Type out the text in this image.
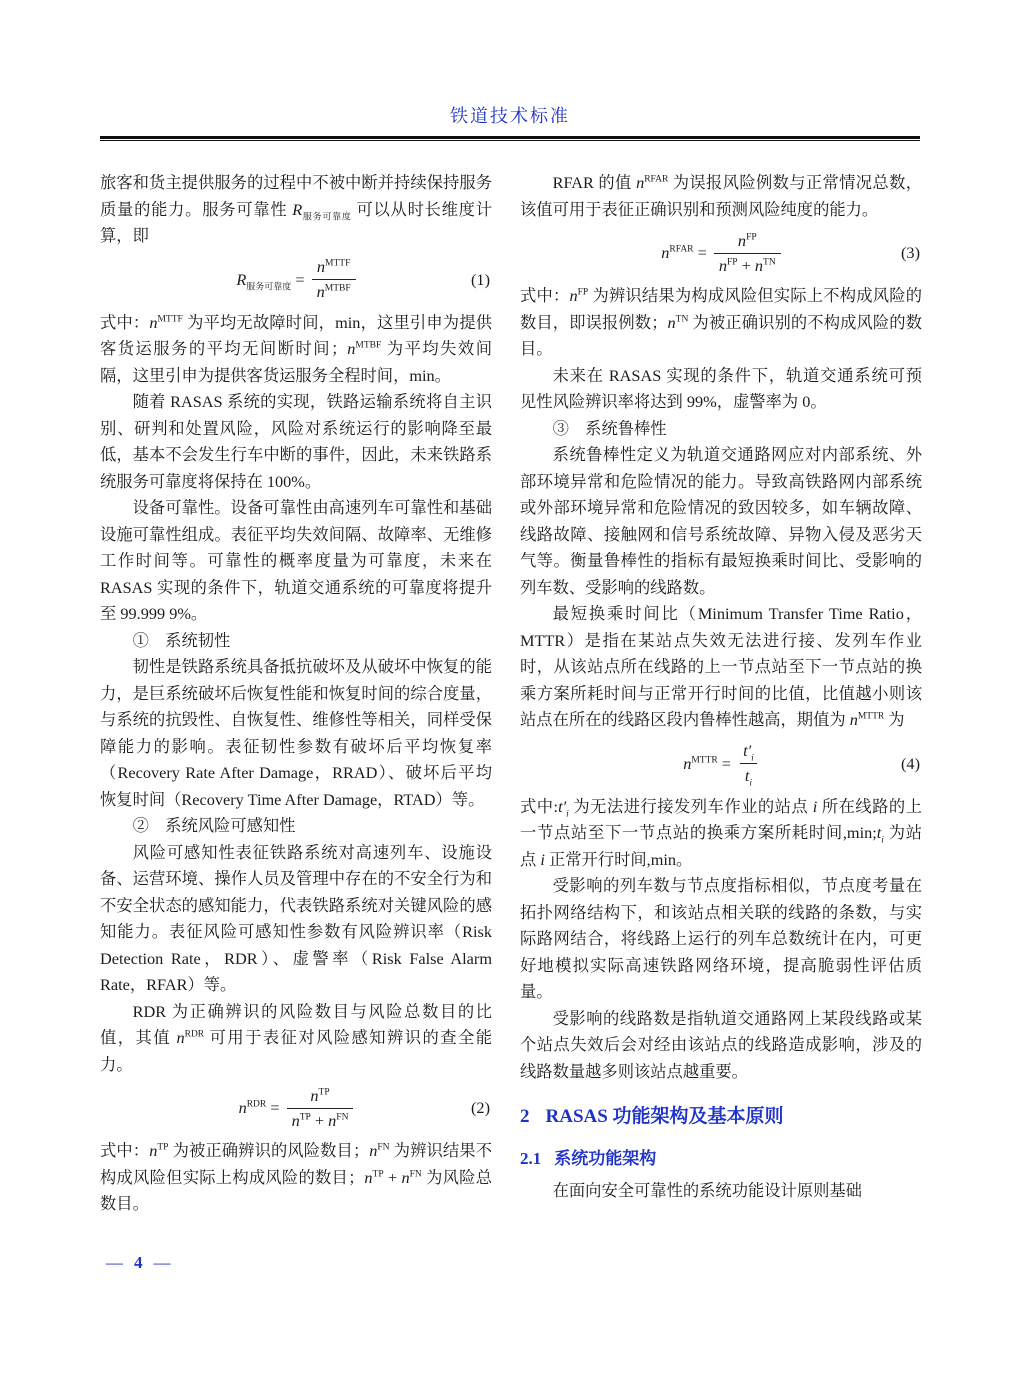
铁道技术标准
旅客和货主提供服务的过程中不被中断并持续保持服务质量的能力。服务可靠性 $R_{服务可靠度}$ 可以从时长维度计算，即
$R_{服务可靠度} = \frac{n^{MTTF}}{n^{MTBF}}$	(1)
式中：$n^{MTTF}$ 为平均无故障时间，min，这里引申为提供客货运服务的平均无间断时间；$n^{MTBF}$ 为平均失效间隔，这里引申为提供客货运服务全程时间，min。
随着 RASAS 系统的实现，铁路运输系统将自主识别、研判和处置风险，风险对系统运行的影响降至最低，基本不会发生行车中断的事件，因此，未来铁路系统服务可靠度将保持在 100%。
设备可靠性。设备可靠性由高速列车可靠性和基础设施可靠性组成。表征平均失效间隔、故障率、无维修工作时间等。可靠性的概率度量为可靠度，未来在 RASAS 实现的条件下，轨道交通系统的可靠度将提升至 99.999 9%。
①　系统韧性
韧性是铁路系统具备抵抗破坏及从破坏中恢复的能力，是巨系统破坏后恢复性能和恢复时间的综合度量，与系统的抗毁性、自恢复性、维修性等相关，同样受保障能力的影响。表征韧性参数有破坏后平均恢复率（Recovery Rate After Damage，RRAD）、破坏后平均恢复时间（Recovery Time After Damage，RTAD）等。
②　系统风险可感知性
风险可感知性表征铁路系统对高速列车、设施设备、运营环境、操作人员及管理中存在的不安全行为和不安全状态的感知能力，代表铁路系统对关键风险的感知能力。表征风险可感知性参数有风险辨识率（Risk Detection Rate，RDR）、虚警率（Risk False Alarm Rate，RFAR）等。
RDR 为正确辨识的风险数目与风险总数目的比值，其值 $n^{RDR}$ 可用于表征对风险感知辨识的查全能力。
$n^{RDR} = \frac{n^{TP}}{n^{TP} + n^{FN}}$	(2)
式中：$n^{TP}$ 为被正确辨识的风险数目；$n^{FN}$ 为辨识结果不构成风险但实际上构成风险的数目；$n^{TP} + n^{FN}$ 为风险总数目。
RFAR 的值 $n^{RFAR}$ 为误报风险例数与正常情况总数，该值可用于表征正确识别和预测风险纯度的能力。
$n^{RFAR} = \frac{n^{FP}}{n^{FP} + n^{TN}}$	(3)
式中：$n^{FP}$ 为辨识结果为构成风险但实际上不构成风险的数目，即误报例数；$n^{TN}$ 为被正确识别的不构成风险的数目。
未来在 RASAS 实现的条件下，轨道交通系统可预见性风险辨识率将达到 99%，虚警率为 0。
③　系统鲁棒性
系统鲁棒性定义为轨道交通路网应对内部系统、外部环境异常和危险情况的能力。导致高铁路网内部系统或外部环境异常和危险情况的致因较多，如车辆故障、线路故障、接触网和信号系统故障、异物入侵及恶劣天气等。衡量鲁棒性的指标有最短换乘时间比、受影响的列车数、受影响的线路数。
最短换乘时间比（Minimum Transfer Time Ratio，MTTR）是指在某站点失效无法进行接、发列车作业时，从该站点所在线路的上一节点站至下一节点站的换乘方案所耗时间与正常开行时间的比值，比值越小则该站点在所在的线路区段内鲁棒性越高，期值为 $n^{MTTR}$ 为
$n^{MTTR} = \frac{t'_i}{t_i}$	(4)
式中$:t'_i$ 为无法进行接发列车作业的站点 i 所在线路的上一节点站至下一节点站的换乘方案所耗时间$,\min;t_i$ 为站点 i 正常开行时间,min。
受影响的列车数与节点度指标相似，节点度考量在拓扑网络结构下，和该站点相关联的线路的条数，与实际路网结合，将线路上运行的列车总数统计在内，可更好地模拟实际高速铁路网络环境，提高脆弱性评估质量。
受影响的线路数是指轨道交通路网上某段线路或某个站点失效后会对经由该站点的线路造成影响，涉及的线路数量越多则该站点越重要。
2 RASAS 功能架构及基本原则
2.1 系统功能架构
在面向安全可靠性的系统功能设计原则基础
— 4 —
